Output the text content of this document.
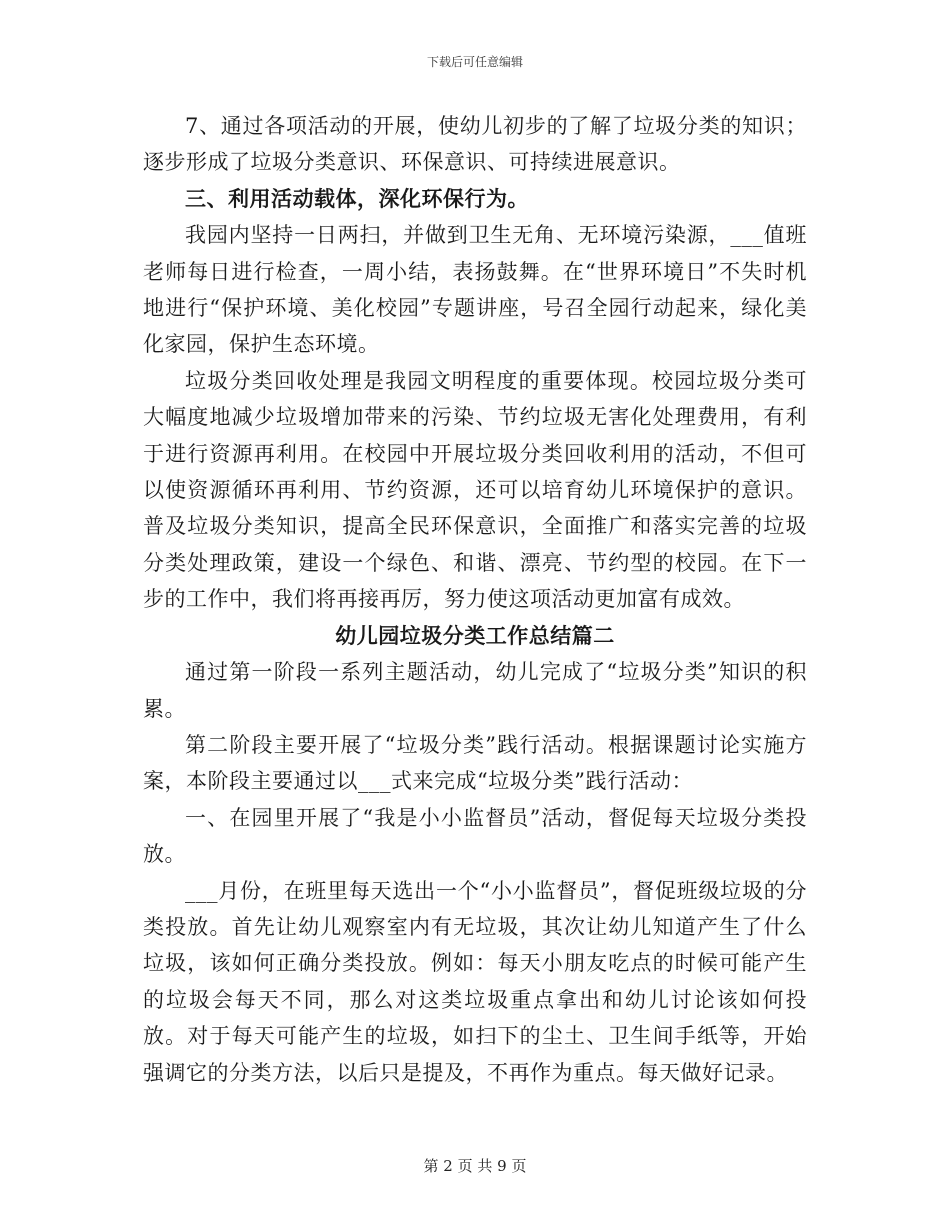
下载后可任意编辑

7、通过各项活动的开展，使幼儿初步的了解了垃圾分类的知识；逐步形成了垃圾分类意识、环保意识、可持续进展意识。

三、利用活动载体，深化环保行为。

我园内坚持一日两扫，并做到卫生无角、无环境污染源，___值班老师每日进行检查，一周小结，表扬鼓舞。在“世界环境日”不失时机地进行“保护环境、美化校园”专题讲座，号召全园行动起来，绿化美化家园，保护生态环境。

垃圾分类回收处理是我园文明程度的重要体现。校园垃圾分类可大幅度地减少垃圾增加带来的污染、节约垃圾无害化处理费用，有利于进行资源再利用。在校园中开展垃圾分类回收利用的活动，不但可以使资源循环再利用、节约资源，还可以培育幼儿环境保护的意识。普及垃圾分类知识，提高全民环保意识，全面推广和落实完善的垃圾分类处理政策，建设一个绿色、和谐、漂亮、节约型的校园。在下一步的工作中，我们将再接再厉，努力使这项活动更加富有成效。

幼儿园垃圾分类工作总结篇二

通过第一阶段一系列主题活动，幼儿完成了“垃圾分类”知识的积累。

第二阶段主要开展了“垃圾分类”践行活动。根据课题讨论实施方案，本阶段主要通过以___式来完成“垃圾分类”践行活动：

一、在园里开展了“我是小小监督员”活动，督促每天垃圾分类投放。

___月份，在班里每天选出一个“小小监督员”，督促班级垃圾的分类投放。首先让幼儿观察室内有无垃圾，其次让幼儿知道产生了什么垃圾，该如何正确分类投放。例如：每天小朋友吃点的时候可能产生的垃圾会每天不同，那么对这类垃圾重点拿出和幼儿讨论该如何投放。对于每天可能产生的垃圾，如扫下的尘土、卫生间手纸等，开始强调它的分类方法，以后只是提及，不再作为重点。每天做好记录。

第 2 页 共 9 页
